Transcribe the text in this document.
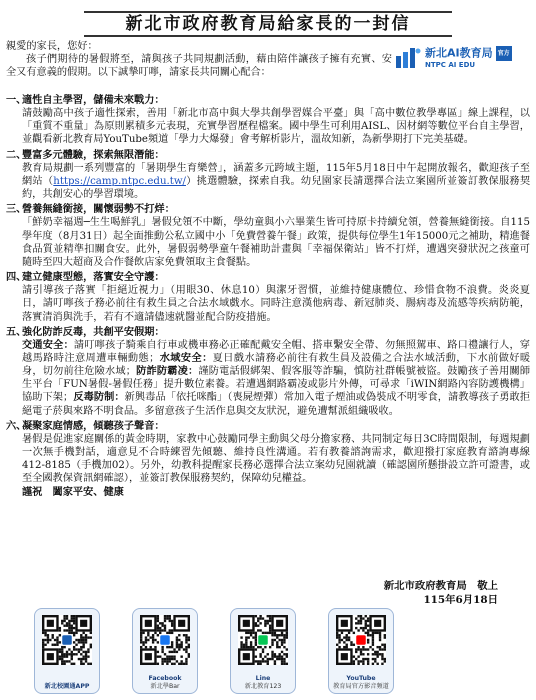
新北市政府教育局給家長的一封信
親愛的家長，您好：
孩子們期待的暑假將至，請與孩子共同規劃活動，藉由陪伴讓孩子擁有充實、安全又有意義的假期。以下誠摯叮嚀，請家長共同關心配合：
新北AI教育局 官方
NTPC AI EDU
一、
適性自主學習，儲備未來戰力：
請鼓勵高中孩子適性探索，善用「新北市高中與大學共創學習媒合平臺」與「高中數位教學專區」線上課程，以「重質不重量」為原則累積多元表現，充實學習歷程檔案。國中學生可利用AISL、因材網等數位平台自主學習，並觀看新北教育局YouTube頻道「學力大爆發」會考解析影片，溫故知新，為新學期打下完美基礎。
二、
豐富多元體驗，探索無限潛能：
教育局規劃一系列豐富的「暑期學生育樂營」，涵蓋多元跨域主題，115年5月18日中午起開放報名，歡迎孩子至網站（https://camp.ntpc.edu.tw/）挑選體驗，探索自我。幼兒園家長請選擇合法立案園所並簽訂教保服務契約，共創安心的學習環境。
三、
營養無縫銜接，關懷弱勢不打烊：
「鮮奶幸福週─生生喝鮮乳」暑假兌領不中斷，學幼童與小六畢業生皆可持原卡持續兌領，營養無縫銜接。自115學年度（8月31日）起全面推動公私立國中小「免費營養午餐」政策，提供每位學生1年15000元之補助，精進餐食品質並精準扣關食安。此外，暑假弱勢學童午餐補助計畫與「幸福保衛站」皆不打烊，遭遇突發狀況之孩童可隨時至四大超商及合作餐飲店家免費領取主食餐點。
四、
建立健康型態，落實安全守護：
請引導孩子落實「拒絕近視力」（用眼30、休息10）與潔牙習慣，並維持健康體位、珍惜食物不浪費。炎炎夏日，請叮嚀孩子務必前往有救生員之合法水域戲水。同時注意漢他病毒、新冠肺炎、腸病毒及流感等疾病防範，落實清消與洗手，若有不適請儘速就醫並配合防疫措施。
五、
強化防詐反毒，共創平安假期：
交通安全：請叮嚀孩子騎乘自行車或機車務必正確配戴安全帽、搭車繫安全帶、勿無照駕車、路口禮讓行人，穿越馬路時注意周遭車輛動態；水域安全：夏日戲水請務必前往有救生員及設備之合法水域活動，下水前做好暖身，切勿前往危險水域；防詐防霸凌：謹防電話假綁架、假客服等詐騙，慎防社群帳號被盜。鼓勵孩子善用關師生平台「FUN暑假-暑假任務」提升數位素養。若遭遇網路霸凌或影片外傳，可尋求「iWIN網路內容防護機構」協助下架；反毒防制：新興毒品「依托咪酯」（喪屍煙彈）常加入電子煙油或偽裝成不明零食，請教導孩子勇敢拒絕電子菸與來路不明食品。多留意孩子生活作息與交友狀況，避免遭幫派組織吸收。
六、
凝聚家庭情感，傾聽孩子聲音：
暑假是促進家庭關係的黃金時期，家教中心鼓勵同學主動與父母分擔家務、共同制定每日3C時間限制，每週規劃一次無手機對話，適意見不合時練習先傾聽、維持良性溝通。若有教養諮詢需求，歡迎撥打家庭教育諮詢專線412-8185（手機加02）。另外，幼教科提醒家長務必選擇合法立案幼兒園就讀（確認園所懸掛設立許可證書，或至全國教保資訊網確認），並簽訂教保服務契約，保障幼兒權益。
謹祝　闔家平安、健康
新北市政府教育局　敬上
115年6月18日
新北校園通APP
Facebook
新北學Bar
Line
新北教育123
YouTube
教育局官方影音頻道
